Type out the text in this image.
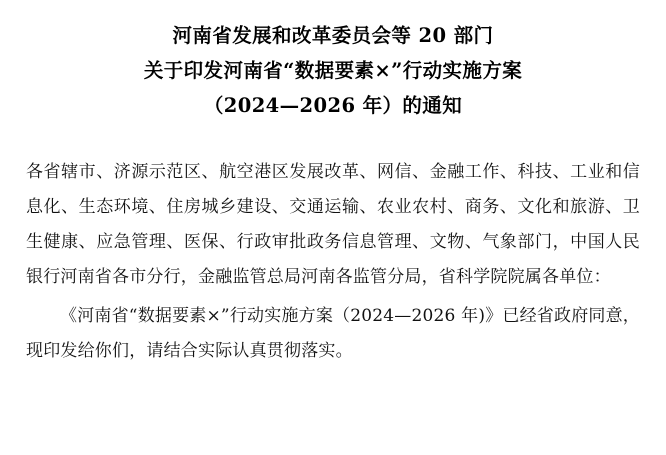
河南省发展和改革委员会等 20 部门
关于印发河南省“数据要素×”行动实施方案
（2024—2026 年）的通知
各省辖市、济源示范区、航空港区发展改革、网信、金融工作、科技、工业和信息化、生态环境、住房城乡建设、交通运输、农业农村、商务、文化和旅游、卫生健康、应急管理、医保、行政审批政务信息管理、文物、气象部门，中国人民银行河南省各市分行，金融监管总局河南各监管分局，省科学院院属各单位：
《河南省“数据要素×”行动实施方案（2024—2026 年)》已经省政府同意，现印发给你们，请结合实际认真贯彻落实。
